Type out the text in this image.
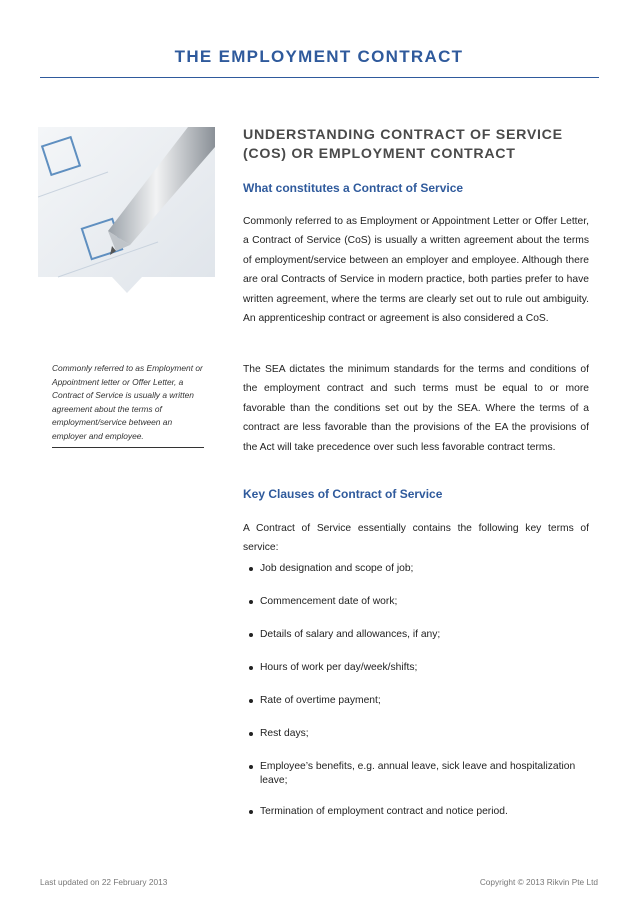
THE EMPLOYMENT CONTRACT

Commonly referred to as Employment or Appointment letter or Offer Letter, a Contract of Service is usually a written agreement about the terms of employment/service between an employer and employee.

UNDERSTANDING CONTRACT OF SERVICE

(COS) OR EMPLOYMENT CONTRACT

What constitutes a Contract of Service

Commonly referred to as Employment or Appointment Letter or Offer Letter, a Contract of Service (CoS) is usually a written agreement about the terms of employment/service between an employer and employee. Although there are oral Contracts of Service in modern practice, both parties prefer to have written agreement, where the terms are clearly set out to rule out ambiguity. An apprenticeship contract or agreement is also considered a CoS.

The SEA dictates the minimum standards for the terms and conditions of the employment contract and such terms must be equal to or more favorable than the conditions set out by the SEA. Where the terms of a contract are less favorable than the provisions of the EA the provisions of the Act will take precedence over such less favorable contract terms.

Key Clauses of Contract of Service

A Contract of Service essentially contains the following key terms of service:

Job designation and scope of job;
Commencement date of work;
Details of salary and allowances, if any;
Hours of work per day/week/shifts;
Rate of overtime payment;
Rest days;
Employee’s benefits, e.g. annual leave, sick leave and hospitalization leave;
Termination of employment contract and notice period.
Last updated on 22 February 2013	Copyright © 2013 Rikvin Pte Ltd
